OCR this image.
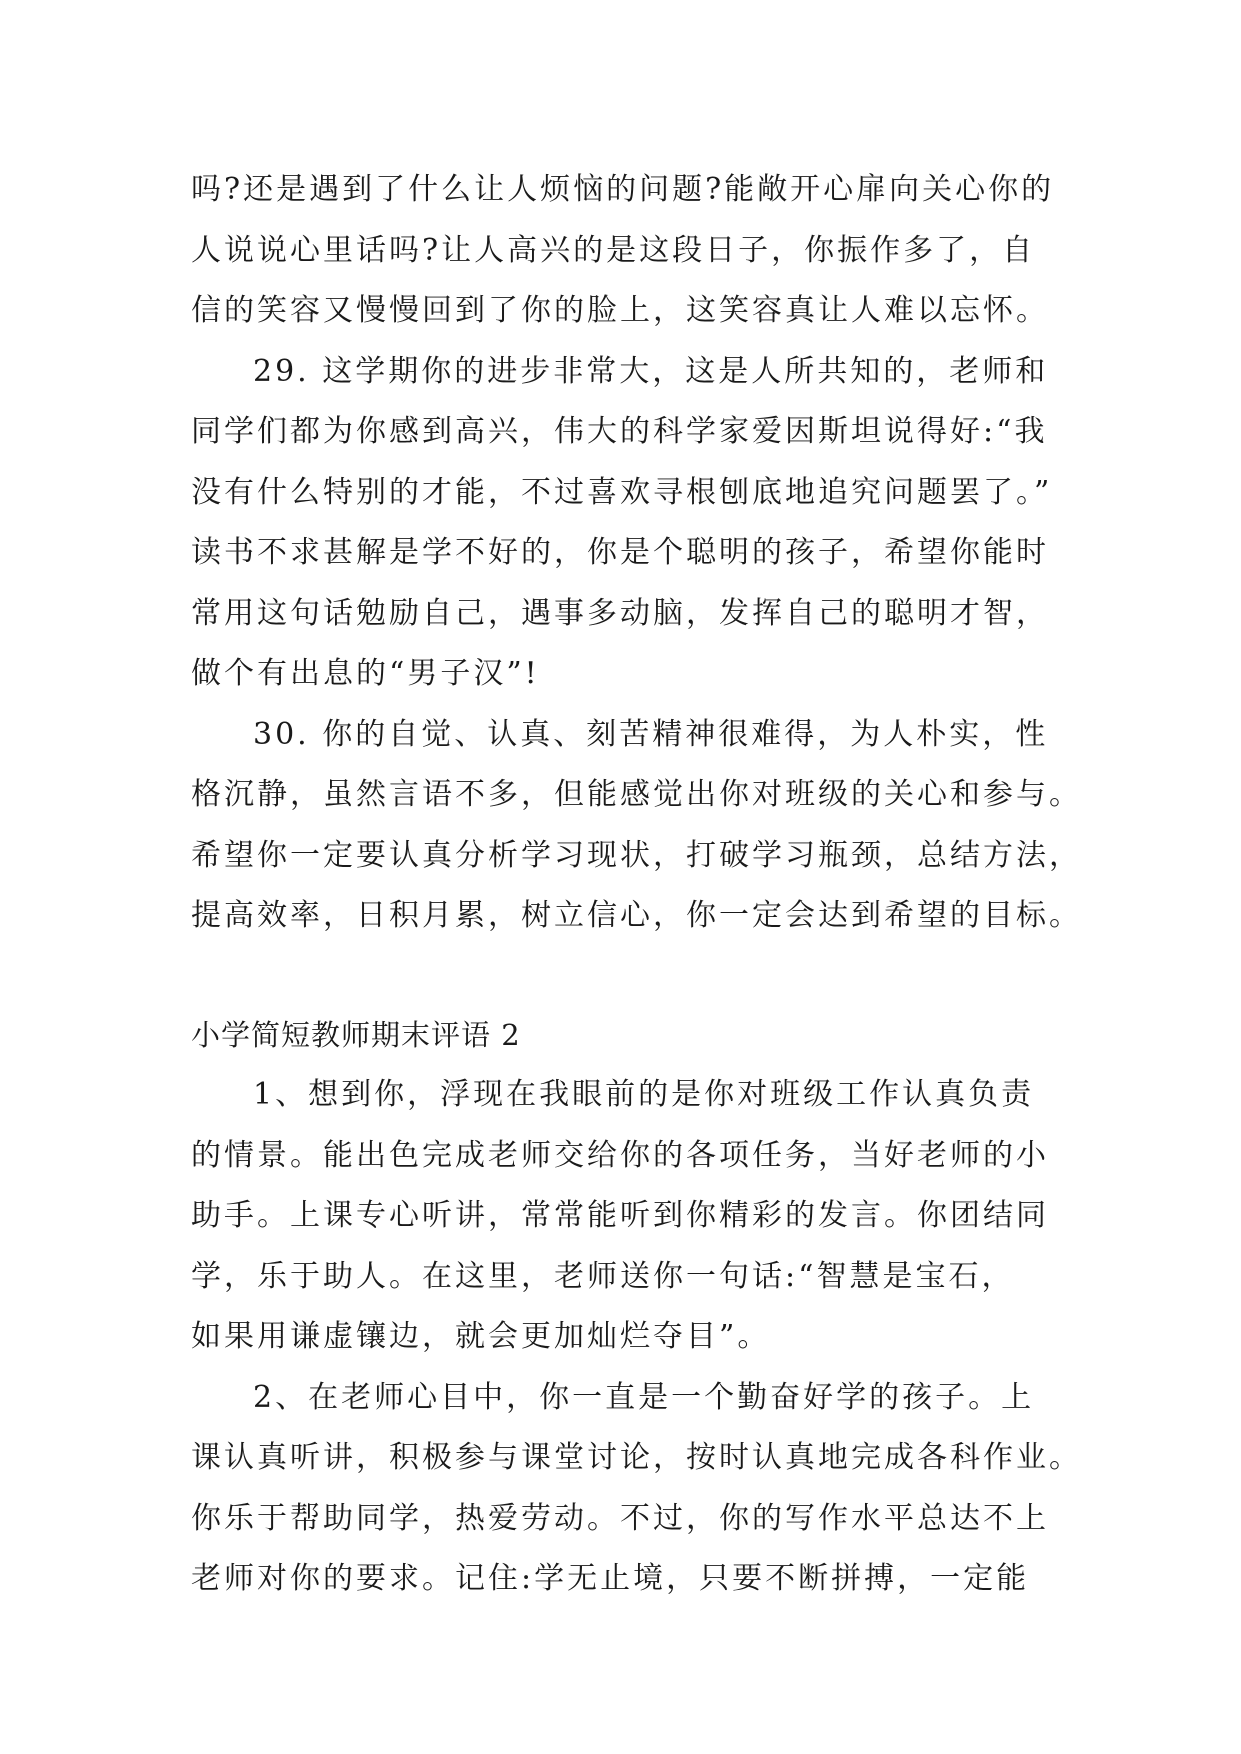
吗?还是遇到了什么让人烦恼的问题?能敞开心扉向关心你的
人说说心里话吗?让人高兴的是这段日子，你振作多了，自
信的笑容又慢慢回到了你的脸上，这笑容真让人难以忘怀。
29. 这学期你的进步非常大，这是人所共知的，老师和
同学们都为你感到高兴，伟大的科学家爱因斯坦说得好:“我
没有什么特别的才能，不过喜欢寻根刨底地追究问题罢了。”
读书不求甚解是学不好的，你是个聪明的孩子，希望你能时
常用这句话勉励自己，遇事多动脑，发挥自己的聪明才智，
做个有出息的“男子汉”!
30. 你的自觉、认真、刻苦精神很难得，为人朴实，性
格沉静，虽然言语不多，但能感觉出你对班级的关心和参与。
希望你一定要认真分析学习现状，打破学习瓶颈，总结方法，
提高效率，日积月累，树立信心，你一定会达到希望的目标。
小学简短教师期末评语 2
1、想到你，浮现在我眼前的是你对班级工作认真负责
的情景。能出色完成老师交给你的各项任务，当好老师的小
助手。上课专心听讲，常常能听到你精彩的发言。你团结同
学，乐于助人。在这里，老师送你一句话:“智慧是宝石，
如果用谦虚镶边，就会更加灿烂夺目”。
2、在老师心目中，你一直是一个勤奋好学的孩子。上
课认真听讲，积极参与课堂讨论，按时认真地完成各科作业。
你乐于帮助同学，热爱劳动。不过，你的写作水平总达不上
老师对你的要求。记住:学无止境，只要不断拼搏，一定能
